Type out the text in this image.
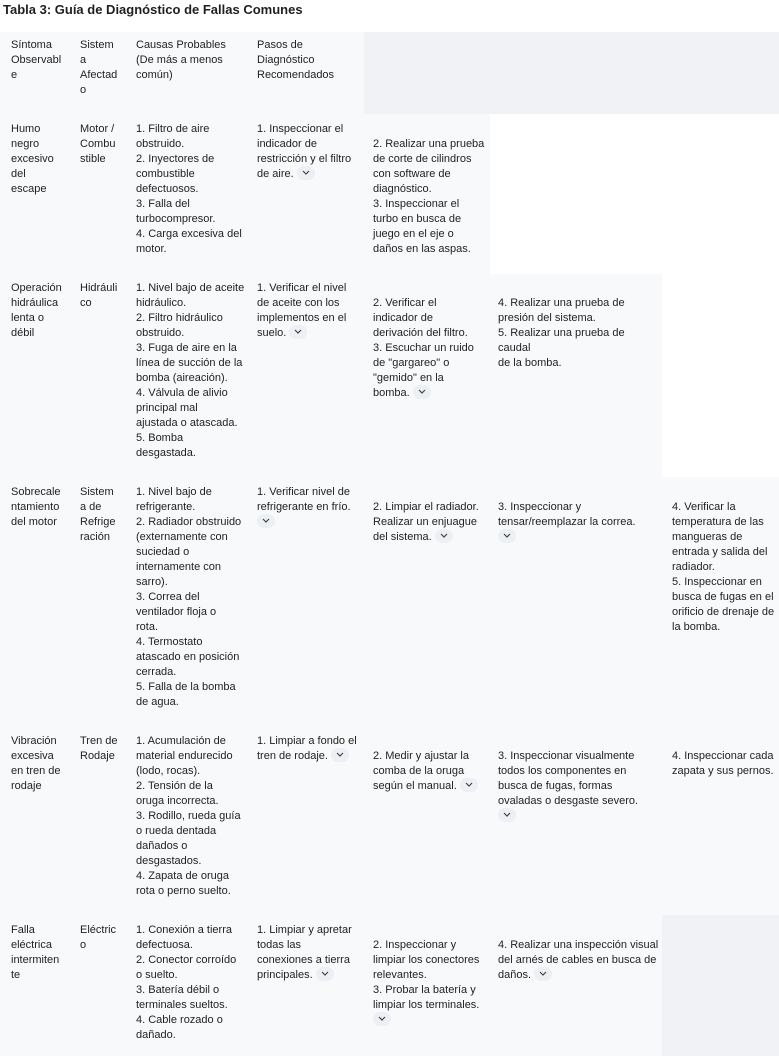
Tabla 3: Guía de Diagnóstico de Fallas Comunes
Síntoma
Observabl
e
Sistem
a
Afectad
o
Causas Probables
(De más a menos
común)
Pasos de
Diagnóstico
Recomendados
Humo
negro
excesivo
del
escape
Motor /
Combu
stible
1. Filtro de aire
obstruido.
2. Inyectores de
combustible
defectuosos.
3. Falla del
turbocompresor.
4. Carga excesiva del
motor.
1. Inspeccionar el
indicador de
restricción y el filtro
de aire.
2. Realizar una prueba
de corte de cilindros
con software de
diagnóstico.
3. Inspeccionar el
turbo en busca de
juego en el eje o
daños en las aspas.
Operación
hidráulica
lenta o
débil
Hidráuli
co
1. Nivel bajo de aceite
hidráulico.
2. Filtro hidráulico
obstruido.
3. Fuga de aire en la
línea de succión de la
bomba (aireación).
4. Válvula de alivio
principal mal
ajustada o atascada.
5. Bomba
desgastada.
1. Verificar el nivel
de aceite con los
implementos en el
suelo.
2. Verificar el
indicador de
derivación del filtro.
3. Escuchar un ruido
de "gargareo" o
"gemido" en la
bomba.
4. Realizar una prueba de
presión del sistema.
5. Realizar una prueba de caudal
de la bomba.
Sobrecale
ntamiento
del motor
Sistem
a de
Refrige
ración
1. Nivel bajo de
refrigerante.
2. Radiador obstruido
(externamente con
suciedad o
internamente con
sarro).
3. Correa del
ventilador floja o
rota.
4. Termostato
atascado en posición
cerrada.
5. Falla de la bomba
de agua.
1. Verificar nivel de
refrigerante en frío.	2. Limpiar el radiador.
Realizar un enjuague
del sistema.
3. Inspeccionar y
tensar/reemplazar la correa.
4. Verificar la
temperatura de las
mangueras de
entrada y salida del
radiador.
5. Inspeccionar en
busca de fugas en el
orificio de drenaje de
la bomba.
Vibración
excesiva
en tren de
rodaje
Tren de
Rodaje
1. Acumulación de
material endurecido
(lodo, rocas).
2. Tensión de la
oruga incorrecta.
3. Rodillo, rueda guía
o rueda dentada
dañados o
desgastados.
4. Zapata de oruga
rota o perno suelto.
1. Limpiar a fondo el
tren de rodaje.	2. Medir y ajustar la
comba de la oruga
según el manual.
3. Inspeccionar visualmente
todos los componentes en
busca de fugas, formas
ovaladas o desgaste severo.
4. Inspeccionar cada
zapata y sus pernos.
Falla
eléctrica
intermiten
te
Eléctric
o
1. Conexión a tierra
defectuosa.
2. Conector corroído
o suelto.
3. Batería débil o
terminales sueltos.
4. Cable rozado o
dañado.
1. Limpiar y apretar
todas las
conexiones a tierra
principales.
2. Inspeccionar y
limpiar los conectores
relevantes.
3. Probar la batería y
limpiar los terminales.
4. Realizar una inspección visual
del arnés de cables en busca de
daños.
